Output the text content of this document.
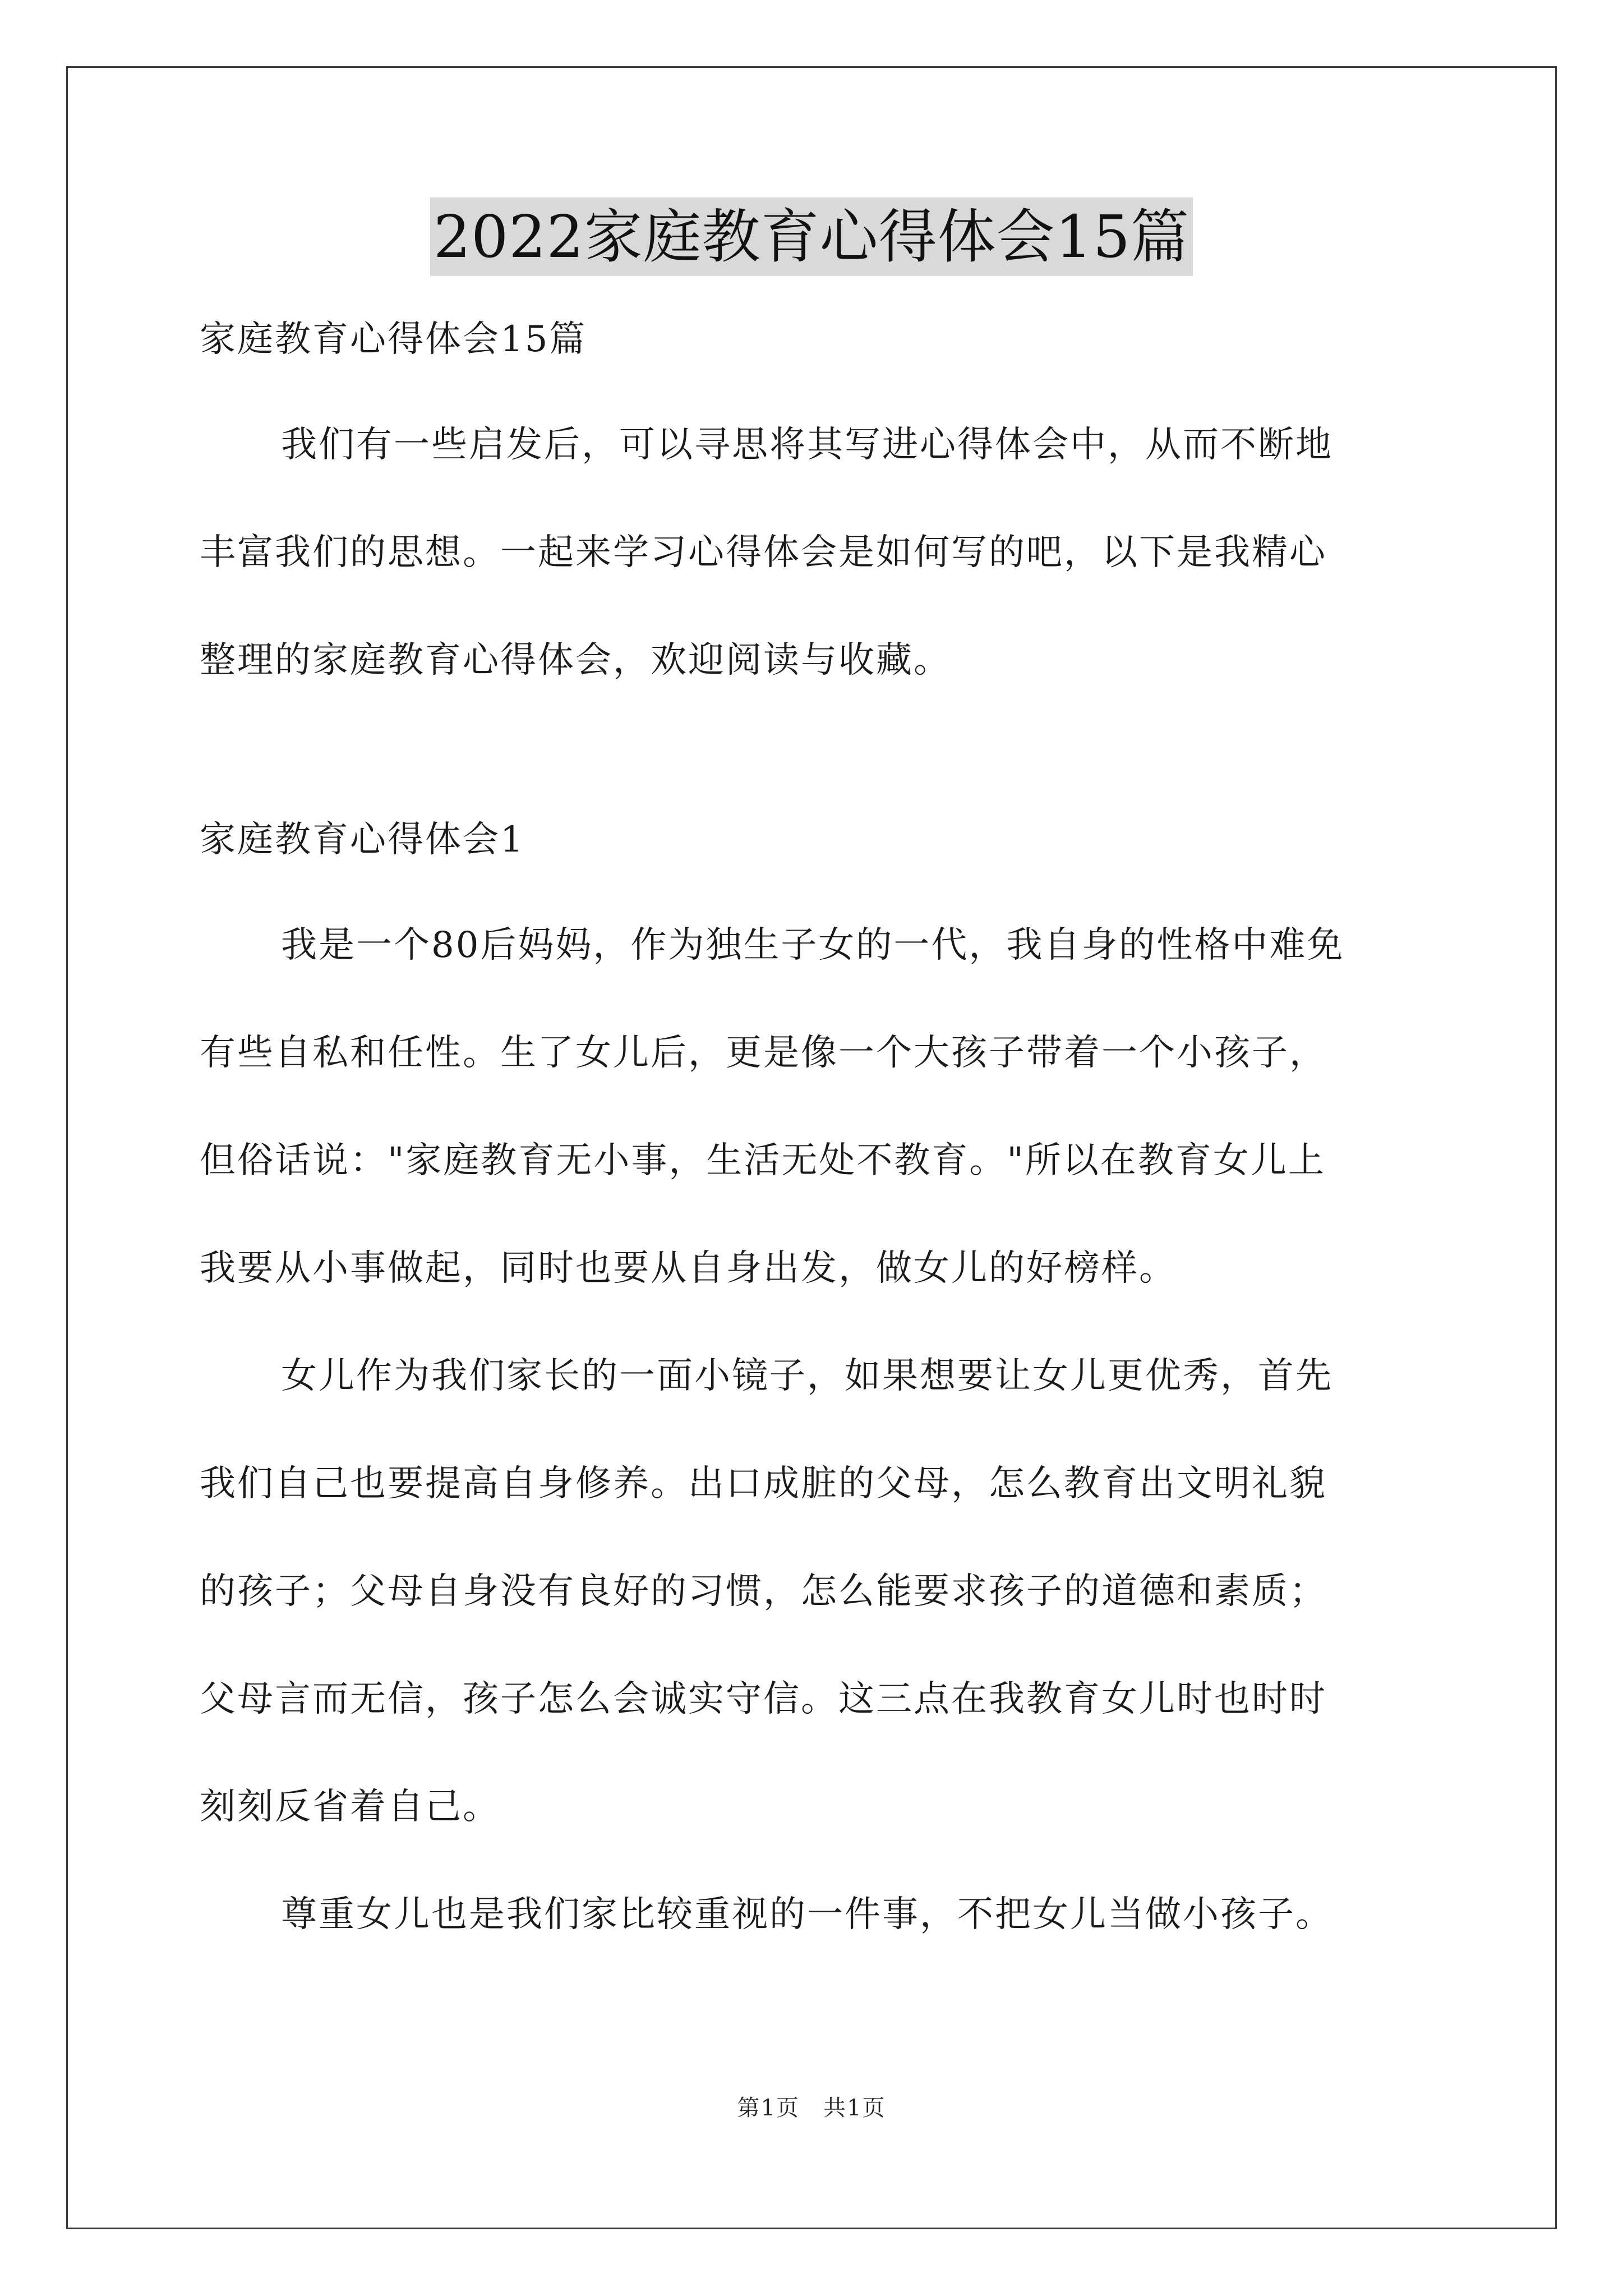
2022家庭教育心得体会15篇
家庭教育心得体会15篇
我们有一些启发后，可以寻思将其写进心得体会中，从而不断地
丰富我们的思想。一起来学习心得体会是如何写的吧，以下是我精心
整理的家庭教育心得体会，欢迎阅读与收藏。
家庭教育心得体会1
我是一个80后妈妈，作为独生子女的一代，我自身的性格中难免
有些自私和任性。生了女儿后，更是像一个大孩子带着一个小孩子，
但俗话说："家庭教育无小事，生活无处不教育。"所以在教育女儿上
我要从小事做起，同时也要从自身出发，做女儿的好榜样。
女儿作为我们家长的一面小镜子，如果想要让女儿更优秀，首先
我们自己也要提高自身修养。出口成脏的父母，怎么教育出文明礼貌
的孩子；父母自身没有良好的习惯，怎么能要求孩子的道德和素质；
父母言而无信，孩子怎么会诚实守信。这三点在我教育女儿时也时时
刻刻反省着自己。
尊重女儿也是我们家比较重视的一件事，不把女儿当做小孩子。
第1页　共1页
